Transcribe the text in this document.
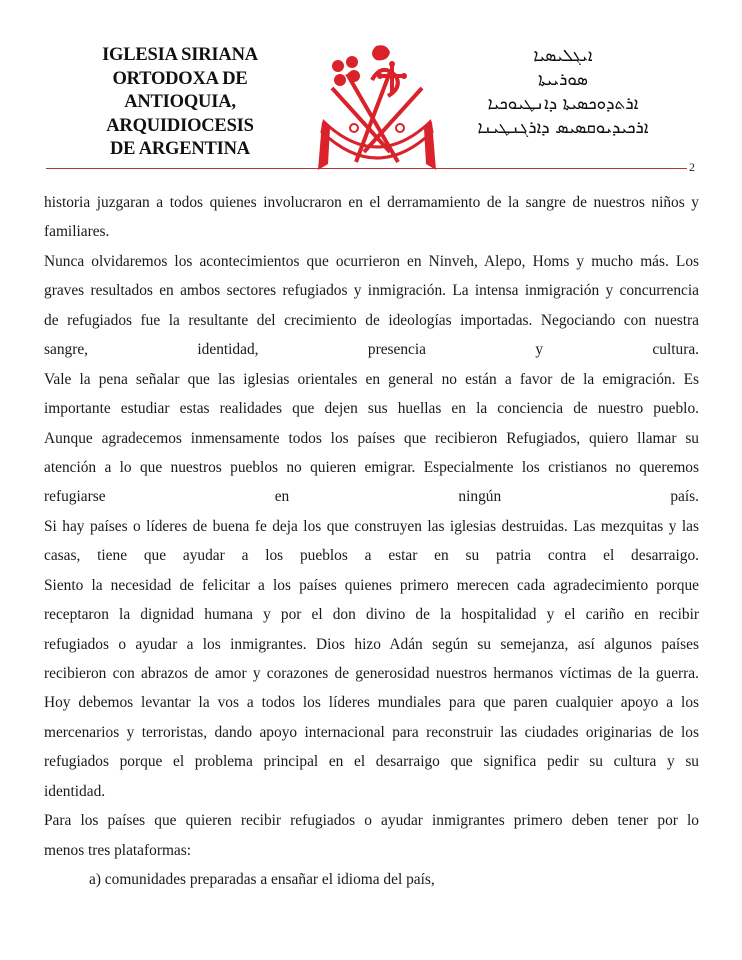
IGLESIA SIRIANA
ORTODOXA DE
ANTIOQUIA,
ARQUIDIOCESIS
DE ARGENTINA
ܐܝܓܠܝܣܝܐ
ܣܘܪܝܝܬܐ
ܐܪܬܕܘܟܣܝܬܐ ܕܐܢܛܝܘܟܝܐ
ܐܪܟܝܕܝܘܩܣܝܣ ܕܐܪܓܢܛܝܢܐ
2
historia juzgaran a todos quienes involucraron en el derramamiento de la sangre de nuestros niños y
familiares.
Nunca olvidaremos los acontecimientos que ocurrieron en Ninveh, Alepo, Homs y mucho más. Los
graves resultados en ambos sectores refugiados y inmigración. La intensa inmigración y concurrencia
de refugiados fue la resultante del crecimiento de ideologías importadas. Negociando con nuestra
sangre, identidad, presencia y cultura.
Vale la pena señalar que las iglesias orientales en general no están a favor de la emigración. Es
importante estudiar estas realidades que dejen sus huellas en la conciencia de nuestro pueblo.
Aunque agradecemos inmensamente todos los países que recibieron Refugiados, quiero llamar su
atención a lo que nuestros pueblos no quieren emigrar. Especialmente los cristianos no queremos
refugiarse en ningún país.
Si hay países o líderes de buena fe deja los que construyen las iglesias destruidas. Las mezquitas y las
casas, tiene que ayudar a los pueblos a estar en su patria contra el desarraigo.
Siento la necesidad de felicitar a los países quienes primero merecen cada agradecimiento porque
receptaron la dignidad humana y por el don divino de la hospitalidad y el cariño en recibir
refugiados o ayudar a los inmigrantes. Dios hizo Adán según su semejanza, así algunos países
recibieron con abrazos de amor y corazones de generosidad nuestros hermanos víctimas de la guerra.
Hoy debemos levantar la vos a todos los líderes mundiales para que paren cualquier apoyo a los
mercenarios y terroristas, dando apoyo internacional para reconstruir las ciudades originarias de los
refugiados porque el problema principal en el desarraigo que significa pedir su cultura y su
identidad.
Para los países que quieren recibir refugiados o ayudar inmigrantes primero deben tener por lo
menos tres plataformas:
a) comunidades preparadas a ensañar el idioma del país,
